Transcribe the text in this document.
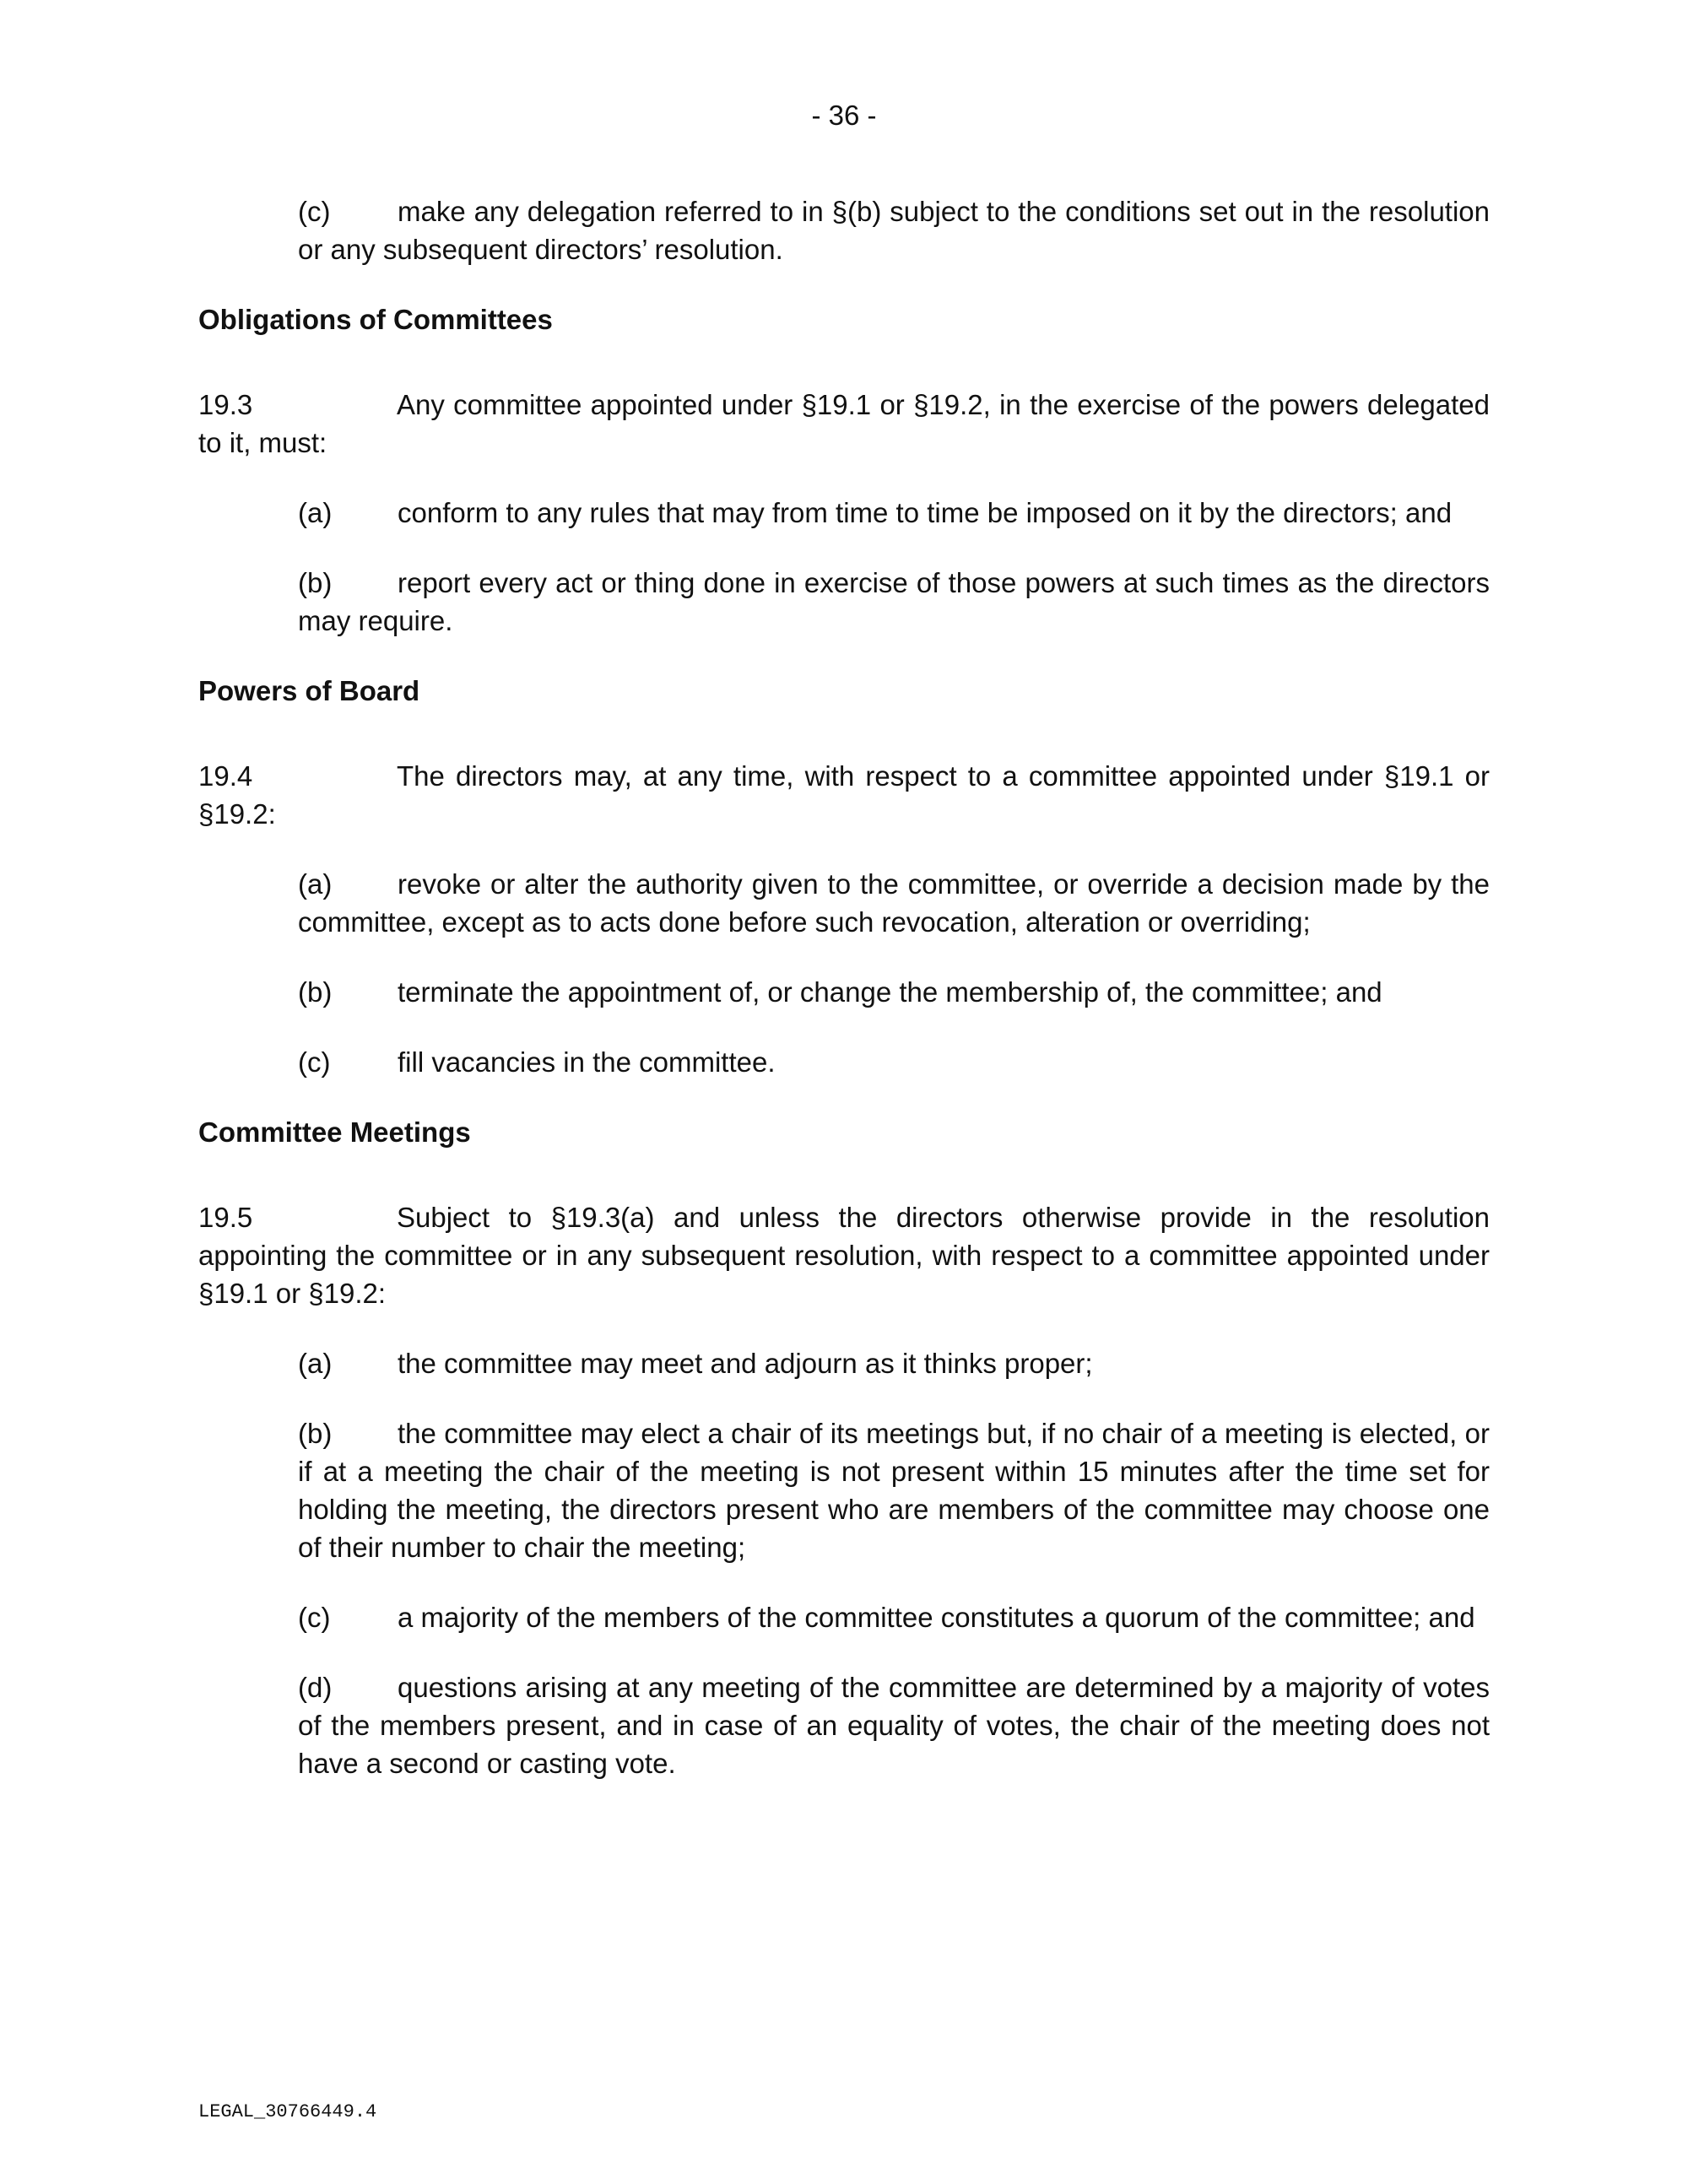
- 36 -

(c) make any delegation referred to in §(b) subject to the conditions set out in the resolution or any subsequent directors’ resolution.

Obligations of Committees

19.3	Any committee appointed under §19.1 or §19.2, in the exercise of the powers delegated to it, must:

(a) conform to any rules that may from time to time be imposed on it by the directors; and

(b) report every act or thing done in exercise of those powers at such times as the directors may require.

Powers of Board

19.4	The directors may, at any time, with respect to a committee appointed under §19.1 or §19.2:

(a) revoke or alter the authority given to the committee, or override a decision made by the committee, except as to acts done before such revocation, alteration or overriding;

(b) terminate the appointment of, or change the membership of, the committee; and

(c) fill vacancies in the committee.

Committee Meetings

19.5	Subject to §19.3(a) and unless the directors otherwise provide in the resolution appointing the committee or in any subsequent resolution, with respect to a committee appointed under §19.1 or §19.2:

(a) the committee may meet and adjourn as it thinks proper;

(b) the committee may elect a chair of its meetings but, if no chair of a meeting is elected, or if at a meeting the chair of the meeting is not present within 15 minutes after the time set for holding the meeting, the directors present who are members of the committee may choose one of their number to chair the meeting;

(c) a majority of the members of the committee constitutes a quorum of the committee; and

(d) questions arising at any meeting of the committee are determined by a majority of votes of the members present, and in case of an equality of votes, the chair of the meeting does not have a second or casting vote.

LEGAL_30766449.4
